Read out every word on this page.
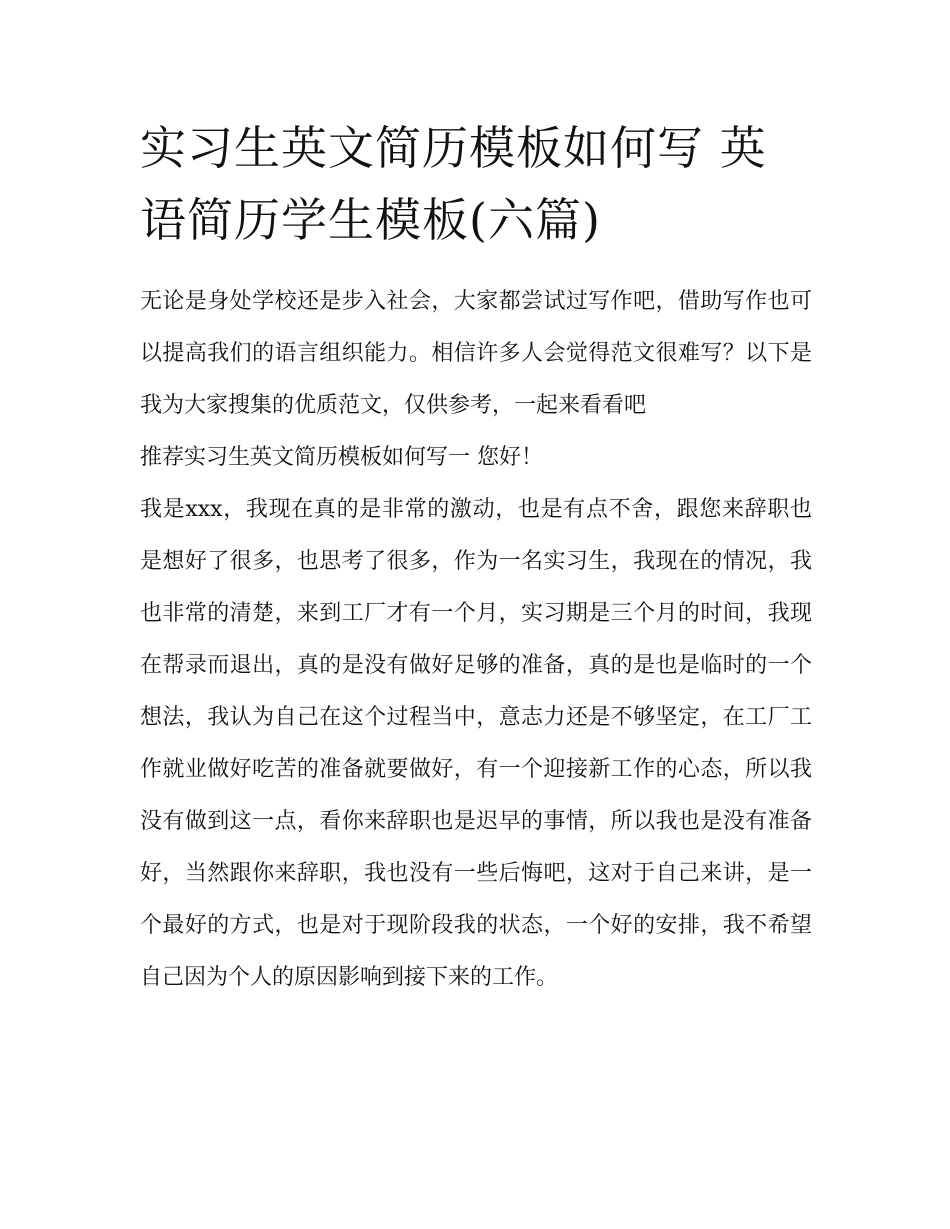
实习生英文简历模板如何写 英语简历学生模板(六篇)

无论是身处学校还是步入社会，大家都尝试过写作吧，借助写作也可以提高我们的语言组织能力。相信许多人会觉得范文很难写？以下是我为大家搜集的优质范文，仅供参考，一起来看看吧

推荐实习生英文简历模板如何写一 您好！

我是xxx，我现在真的是非常的激动，也是有点不舍，跟您来辞职也是想好了很多，也思考了很多，作为一名实习生，我现在的情况，我也非常的清楚，来到工厂才有一个月，实习期是三个月的时间，我现在帮录而退出，真的是没有做好足够的准备，真的是也是临时的一个想法，我认为自己在这个过程当中，意志力还是不够坚定，在工厂工作就业做好吃苦的准备就要做好，有一个迎接新工作的心态，所以我没有做到这一点，看你来辞职也是迟早的事情，所以我也是没有准备好，当然跟你来辞职，我也没有一些后悔吧，这对于自己来讲，是一个最好的方式，也是对于现阶段我的状态，一个好的安排，我不希望自己因为个人的原因影响到接下来的工作。
